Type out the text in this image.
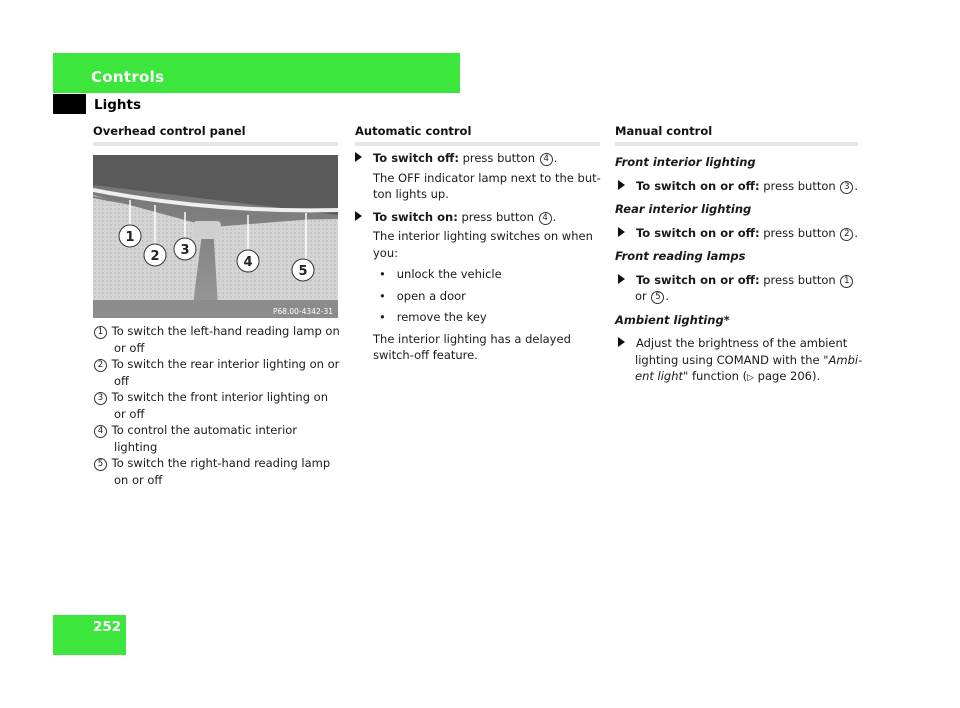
Controls
Lights
Overhead control panel
1
2 3
4
5
P68.00-4342-31
1 To switch the left-hand reading lamp on
or off
2 To switch the rear interior lighting on or
off
3 To switch the front interior lighting on
or off
4 To control the automatic interior
lighting
5 To switch the right-hand reading lamp
on or off
Automatic control
To switch off: press button 4 .
The OFF indicator lamp next to the but-
ton lights up.
To switch on: press button 4 .
The interior lighting switches on when
you:
•   unlock the vehicle
•   open a door
•   remove the key
The interior lighting has a delayed
switch-off feature.
Manual control
Front interior lighting
To switch on or off: press button 3 .
Rear interior lighting
To switch on or off: press button 2 .
Front reading lamps
To switch on or off: press button 1
or 5 .
Ambient lighting*
Adjust the brightness of the ambient
lighting using COMAND with the "Ambi-
ent light" function (▷ page 206).
252
